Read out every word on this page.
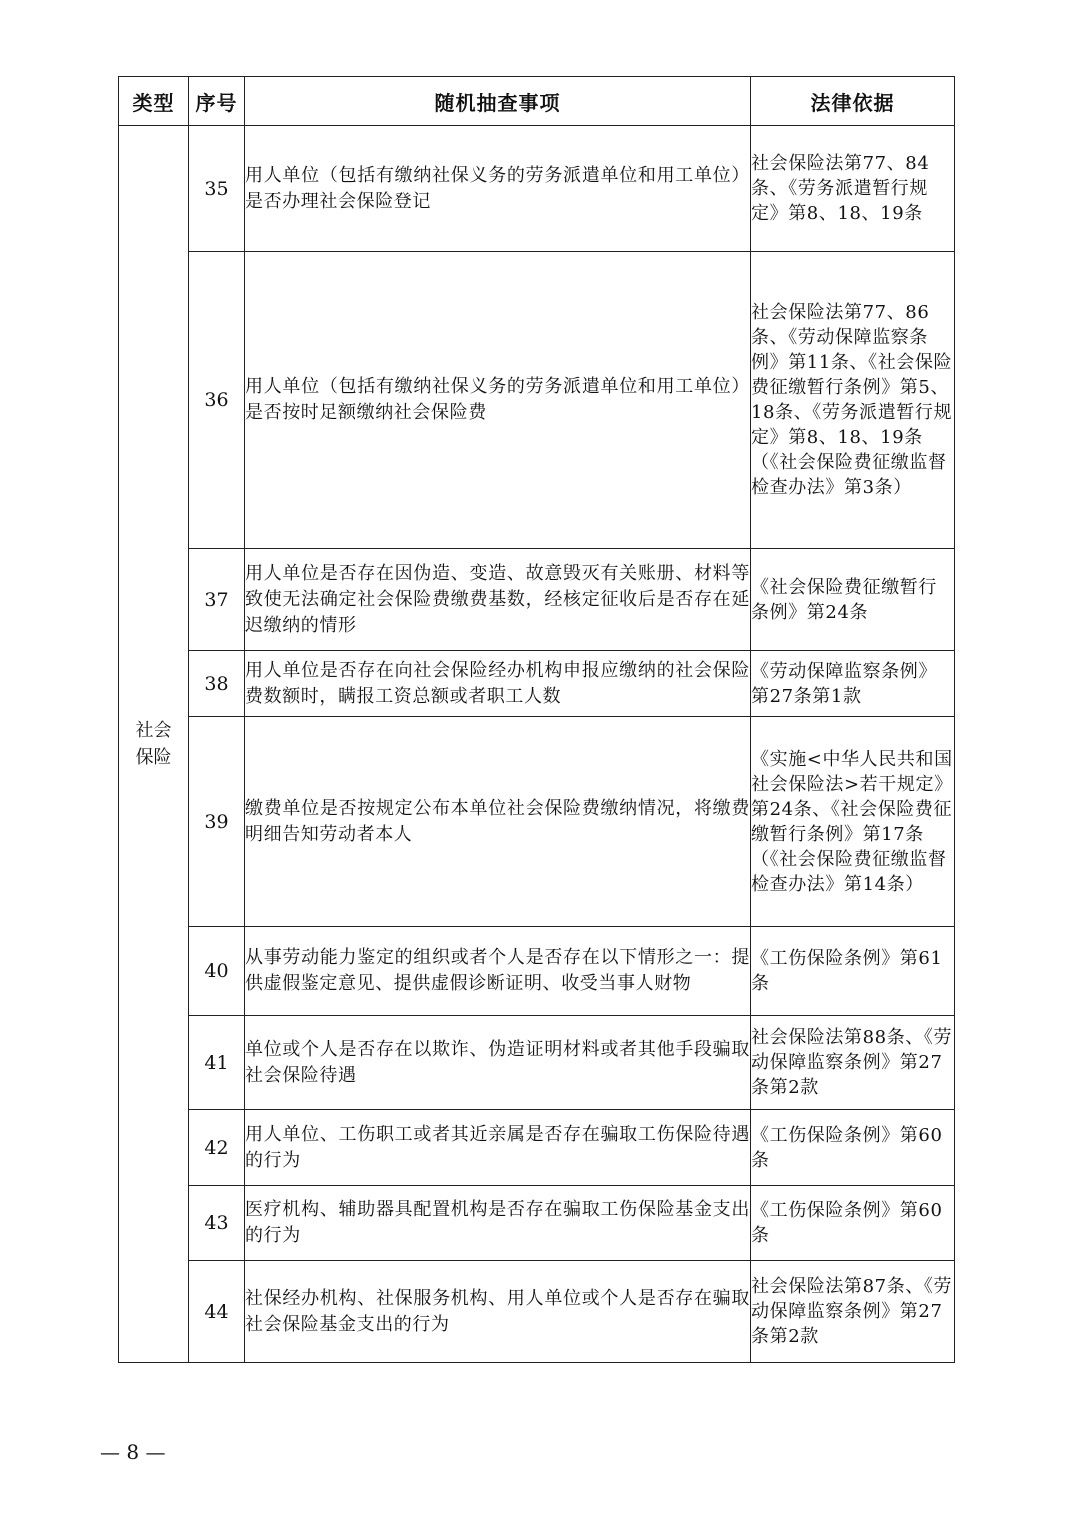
类型	序号	随机抽查事项	法律依据
社会
保险	35	用人单位（包括有缴纳社保义务的劳务派遣单位和用工单位）是否办理社会保险登记	社会保险法第77、84条、《劳务派遣暂行规定》第8、18、19条
	36	用人单位（包括有缴纳社保义务的劳务派遣单位和用工单位）是否按时足额缴纳社会保险费	社会保险法第77、86条、《劳动保障监察条例》第11条、《社会保险费征缴暂行条例》第5、18条、《劳务派遣暂行规定》第8、18、19条（《社会保险费征缴监督检查办法》第3条）
	37	用人单位是否存在因伪造、变造、故意毁灭有关账册、材料等致使无法确定社会保险费缴费基数，经核定征收后是否存在延迟缴纳的情形	《社会保险费征缴暂行条例》第24条
	38	用人单位是否存在向社会保险经办机构申报应缴纳的社会保险费数额时，瞒报工资总额或者职工人数	《劳动保障监察条例》第27条第1款
	39	缴费单位是否按规定公布本单位社会保险费缴纳情况，将缴费明细告知劳动者本人	《实施<中华人民共和国社会保险法>若干规定》第24条、《社会保险费征缴暂行条例》第17条（《社会保险费征缴监督检查办法》第14条）
	40	从事劳动能力鉴定的组织或者个人是否存在以下情形之一：提供虚假鉴定意见、提供虚假诊断证明、收受当事人财物	《工伤保险条例》第61条
	41	单位或个人是否存在以欺诈、伪造证明材料或者其他手段骗取社会保险待遇	社会保险法第88条、《劳动保障监察条例》第27条第2款
	42	用人单位、工伤职工或者其近亲属是否存在骗取工伤保险待遇的行为	《工伤保险条例》第60条
	43	医疗机构、辅助器具配置机构是否存在骗取工伤保险基金支出的行为	《工伤保险条例》第60条
	44	社保经办机构、社保服务机构、用人单位或个人是否存在骗取社会保险基金支出的行为	社会保险法第87条、《劳动保障监察条例》第27条第2款
— 8 —
